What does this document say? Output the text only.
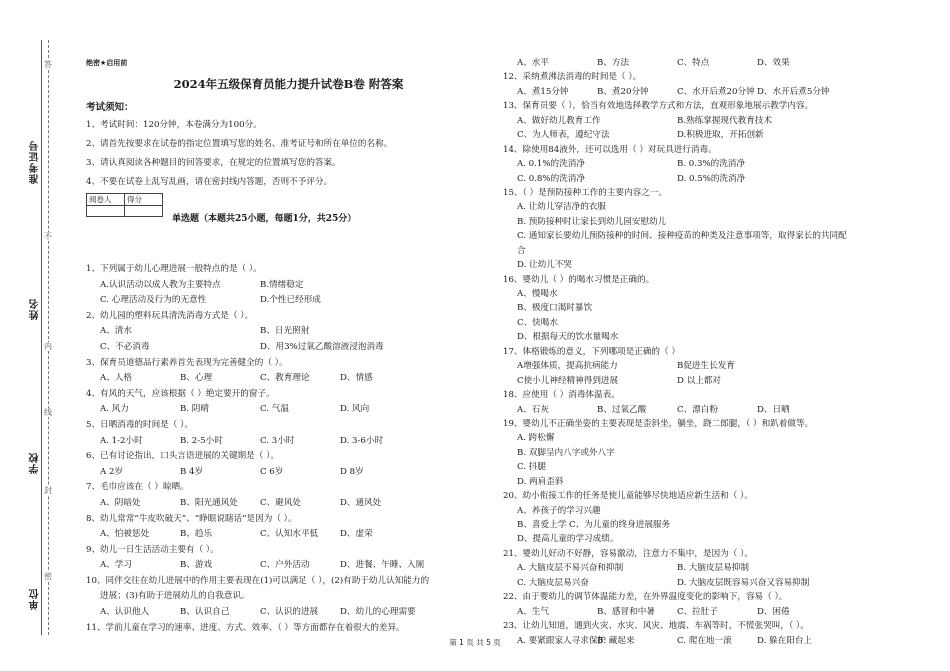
准考证号
姓名
学校
单位
答
不
内
线
封
密
绝密★启用前
2024年五级保育员能力提升试卷B卷 附答案
考试须知：
1、考试时间：120分钟，本卷满分为100分。
2、请首先按要求在试卷的指定位置填写您的姓名、准考证号和所在单位的名称。
3、请认真阅读各种题目的回答要求，在规定的位置填写您的答案。
4、不要在试卷上乱写乱画，请在密封线内答题，否则不予评分。
阅卷人	得分

单选题（本题共25小题，每题1分，共25分）
1、下列属于幼儿心理进展一般特点的是（ ）。
A.认识活动以成人教为主要特点	B.情绪稳定
C. 心理活动及行为的无意性	D.个性已经形成
2、幼儿园的塑料玩具清洗消毒方式是（ ）。
A、清水	B、日光照射
C、不必消毒	D、用3%过氧乙酸溶液浸泡消毒
3、保育员道德品行素养首先表现为完善健全的（ ）。
A、人格	B、心理	C、教育理论	D、情感
4、有风的天气，应该根据（ ）绝定要开的窗子。
A. 风力	B. 阴晴	C. 气温	D. 风向
5、日晒消毒的时间是（ ）。
A. 1-2小时	B. 2-5小时	C. 3小时	D. 3-6小时
6、已有讨论指出，口头言语进展的关键期是（ ）。
A 2岁	B 4岁	C 6岁	D 8岁
7、毛巾应该在（ ）晾晒。
A、阴暗处	B、阳光通风处	C、避风处	D、通风处
8、幼儿常常“牛皮吹破天”、“睁眼说瞎话”是因为（ ）。
A、怕被惩处	B、趋乐	C、认知水平低	D、虚荣
9、幼儿一日生活活动主要有（ ）。
A、学习	B、游戏	C、户外活动	D、进餐、午睡、入厕
10、同伴交往在幼儿进展中的作用主要表现在(1)可以满足（ ），(2)有助于幼儿认知能力的
进展；(3)有助于进展幼儿的自我意识。
A、认识他人	B、认识自己	C、认识的进展	D、幼儿的心理需要
11、学前儿童在学习的速率、进度、方式、效率、（ ）等方面都存在着很大的差异。
A、水平	B、方法	C、特点	D、效果
12、采纳煮沸法消毒的时间是（ ）。
A、煮15分钟	B、煮20分钟	C、水开后煮20分钟 D、水开后煮5分钟
13、保育员要（ ），恰当有效地选择教学方式和方法，直观形象地展示教学内容。
A、做好幼儿教育工作	B.熟练掌握现代教育技术
C、为人师表，遵纪守法	D.积极进取，开拓创新
14、除使用84液外，还可以选用（ ）对玩具进行消毒。
A. 0.1%的洗消净	B. 0.3%的洗消净
C. 0.8%的洗消净	D. 0.5%的洗消净
15、（ ）是预防接种工作的主要内容之一。
A. 让幼儿穿洁净的衣服
B. 预防接种时让家长到幼儿园安慰幼儿
C. 通知家长要幼儿预防接种的时间、接种疫苗的种类及注意事项等，取得家长的共同配
合
D. 让幼儿不哭
16、婴幼儿（ ）的喝水习惯是正确的。
A、慢喝水
B、极度口渴时暴饮
C、快喝水
D、根据每天的饮水量喝水
17、体格锻炼的意义，下列哪项是正确的（ ）
A增强体质，提高抗病能力	B促进生长发育
C使小儿神经精神得到进展	D 以上都对
18、应使用（ ）消毒体温表。
A、石灰	B、过氧乙酸	C、漂白粉	D、日晒
19、婴幼儿不正确坐姿的主要表现是歪斜坐，躺坐，跷二郎腿，（ ）和趴着做等。
A. 跨松懈
B. 双脚呈内八字或外八字
C. 抖腿
D. 两肩歪斜
20、幼小衔接工作的任务是使儿童能够尽快地适应新生活和（ ）。
A、养孩子的学习兴趣
B、喜爱上学 C、为儿童的终身进展服务
D、提高儿童的学习成绩。
21、婴幼儿好动不好静，容易激动，注意力不集中，是因为（ ）。
A. 大脑皮层不易兴奋和抑制	B. 大脑皮层易抑制
C. 大脑皮层易兴奋	D. 大脑皮层既容易兴奋又容易抑制
22、由于婴幼儿的调节体温能力差，在外界温度变化的影响下，容易（ ）。
A、生气	B、感冒和中暑	C、拉肚子	D、困倦
23、让幼儿知道，遇到火灾、水灾、风灾、地震、车祸等时，不慌张哭叫，（ ）。
A. 要紧跟家人寻求保护B. 藏起来	C. 爬在地一滚	D. 躲在阳台上
第 1 页 共 5 页
